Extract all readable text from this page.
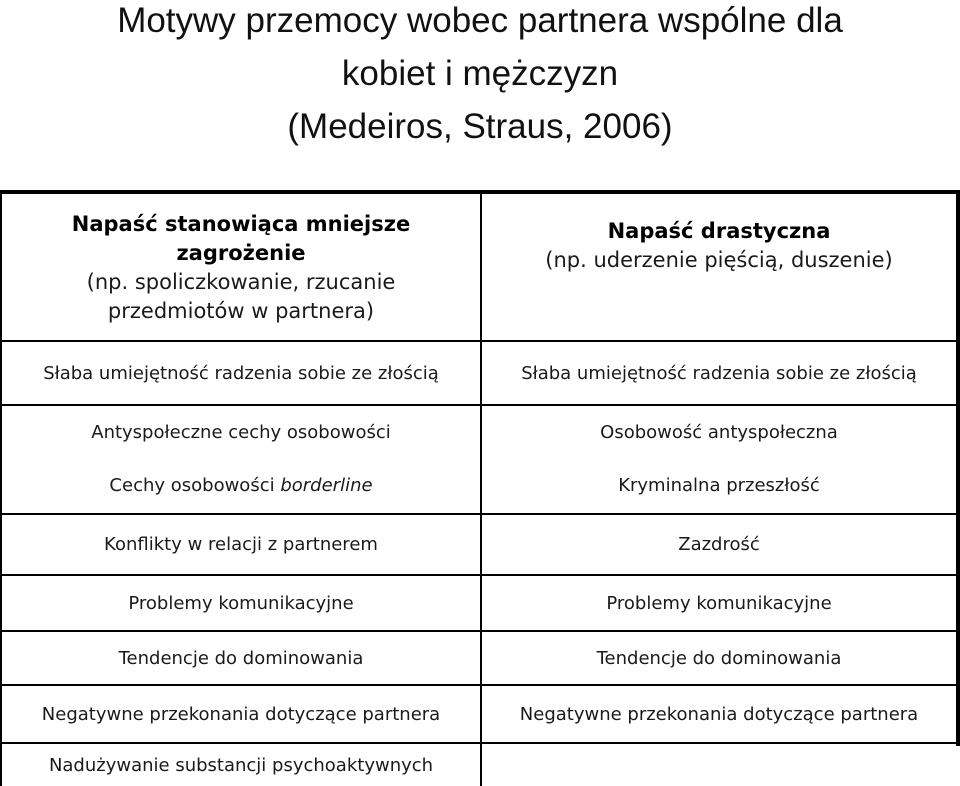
Motywy przemocy wobec partnera wspólne dla
kobiet i mężczyzn
(Medeiros, Straus, 2006)
Napaść stanowiąca mniejsze
zagrożenie
(np. spoliczkowanie, rzucanie
przedmiotów w partnera)
Słaba umiejętność radzenia sobie ze złością
Antyspołeczne cechy osobowości
Cechy osobowości
borderline
Konflikty w relacji z partnerem
Problemy komunikacyjne
Tendencje do dominowania
Negatywne przekonania dotyczące partnera
Nadużywanie substancji psychoaktywnych
Napaść drastyczna
(np. uderzenie pięścią, duszenie)
Słaba umiejętność radzenia sobie ze złością
Osobowość antyspołeczna
Kryminalna przeszłość
Zazdrość
Problemy komunikacyjne
Tendencje do dominowania
Negatywne przekonania dotyczące partnera
